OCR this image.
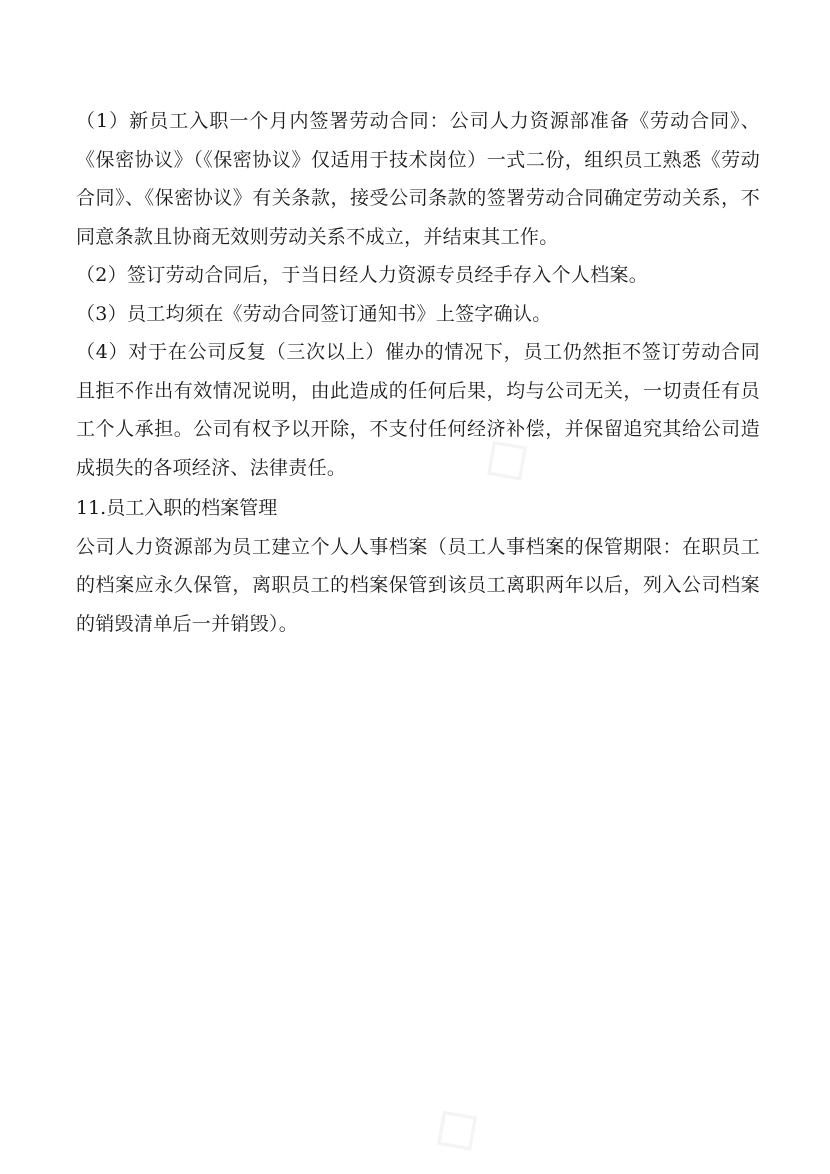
◇
◇

（1）新员工入职一个月内签署劳动合同：公司人力资源部准备《劳动合同》、《保密协议》（《保密协议》仅适用于技术岗位）一式二份，组织员工熟悉《劳动合同》、《保密协议》有关条款，接受公司条款的签署劳动合同确定劳动关系，不同意条款且协商无效则劳动关系不成立，并结束其工作。

（2）签订劳动合同后，于当日经人力资源专员经手存入个人档案。

（3）员工均须在《劳动合同签订通知书》上签字确认。

（4）对于在公司反复（三次以上）催办的情况下，员工仍然拒不签订劳动合同且拒不作出有效情况说明，由此造成的任何后果，均与公司无关，一切责任有员工个人承担。公司有权予以开除，不支付任何经济补偿，并保留追究其给公司造成损失的各项经济、法律责任。

11.员工入职的档案管理

公司人力资源部为员工建立个人人事档案（员工人事档案的保管期限：在职员工的档案应永久保管，离职员工的档案保管到该员工离职两年以后，列入公司档案的销毁清单后一并销毁）。
